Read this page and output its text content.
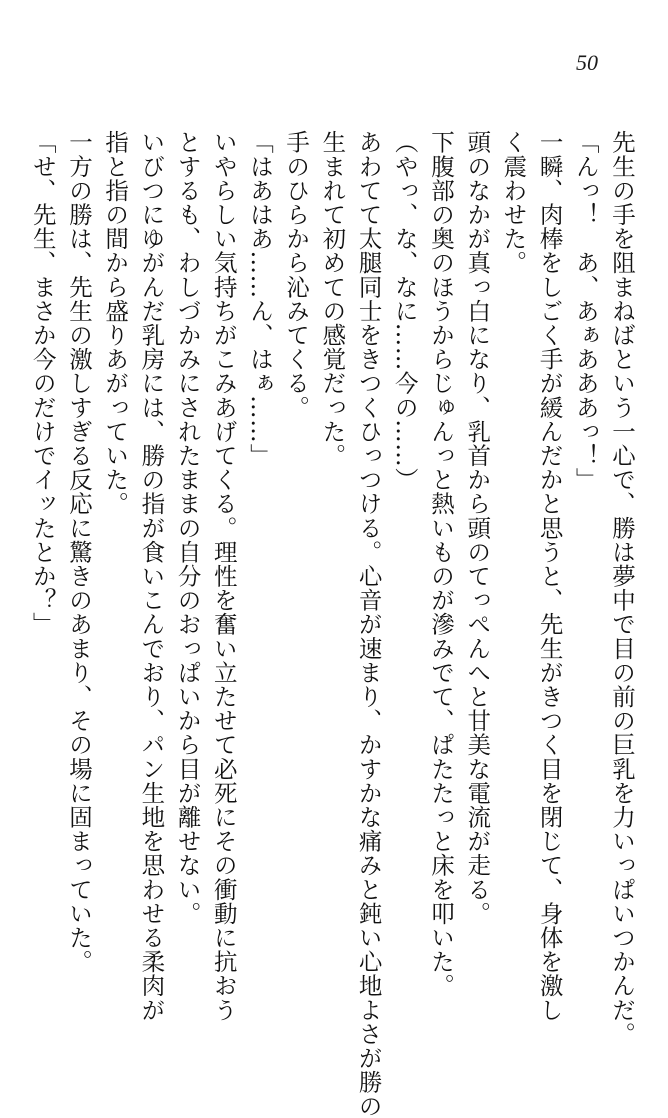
50
先生の手を阻まねばという一心で、勝は夢中で目の前の巨乳を力いっぱいつかんだ。
「んっ！　あ、あぁあああっ！」
一瞬、肉棒をしごく手が緩んだかと思うと、先生がきつく目を閉じて、身体を激し
く震わせた。
頭のなかが真っ白になり、乳首から頭のてっぺんへと甘美な電流が走る。
下腹部の奥のほうからじゅんっと熱いものが滲みでて、ぱたたっと床を叩いた。
（やっ、な、なに……今の……）
あわてて太腿同士をきつくひっつける。心音が速まり、かすかな痛みと鈍い心地よさが勝の
生まれて初めての感覚だった。
手のひらから沁みてくる。
「はあはあ……ん、はぁ……」
いやらしい気持ちがこみあげてくる。理性を奮い立たせて必死にその衝動に抗おう
とするも、わしづかみにされたままの自分のおっぱいから目が離せない。
いびつにゆがんだ乳房には、勝の指が食いこんでおり、パン生地を思わせる柔肉が
指と指の間から盛りあがっていた。
一方の勝は、先生の激しすぎる反応に驚きのあまり、その場に固まっていた。
「せ、先生、まさか今のだけでイッたとか？」
